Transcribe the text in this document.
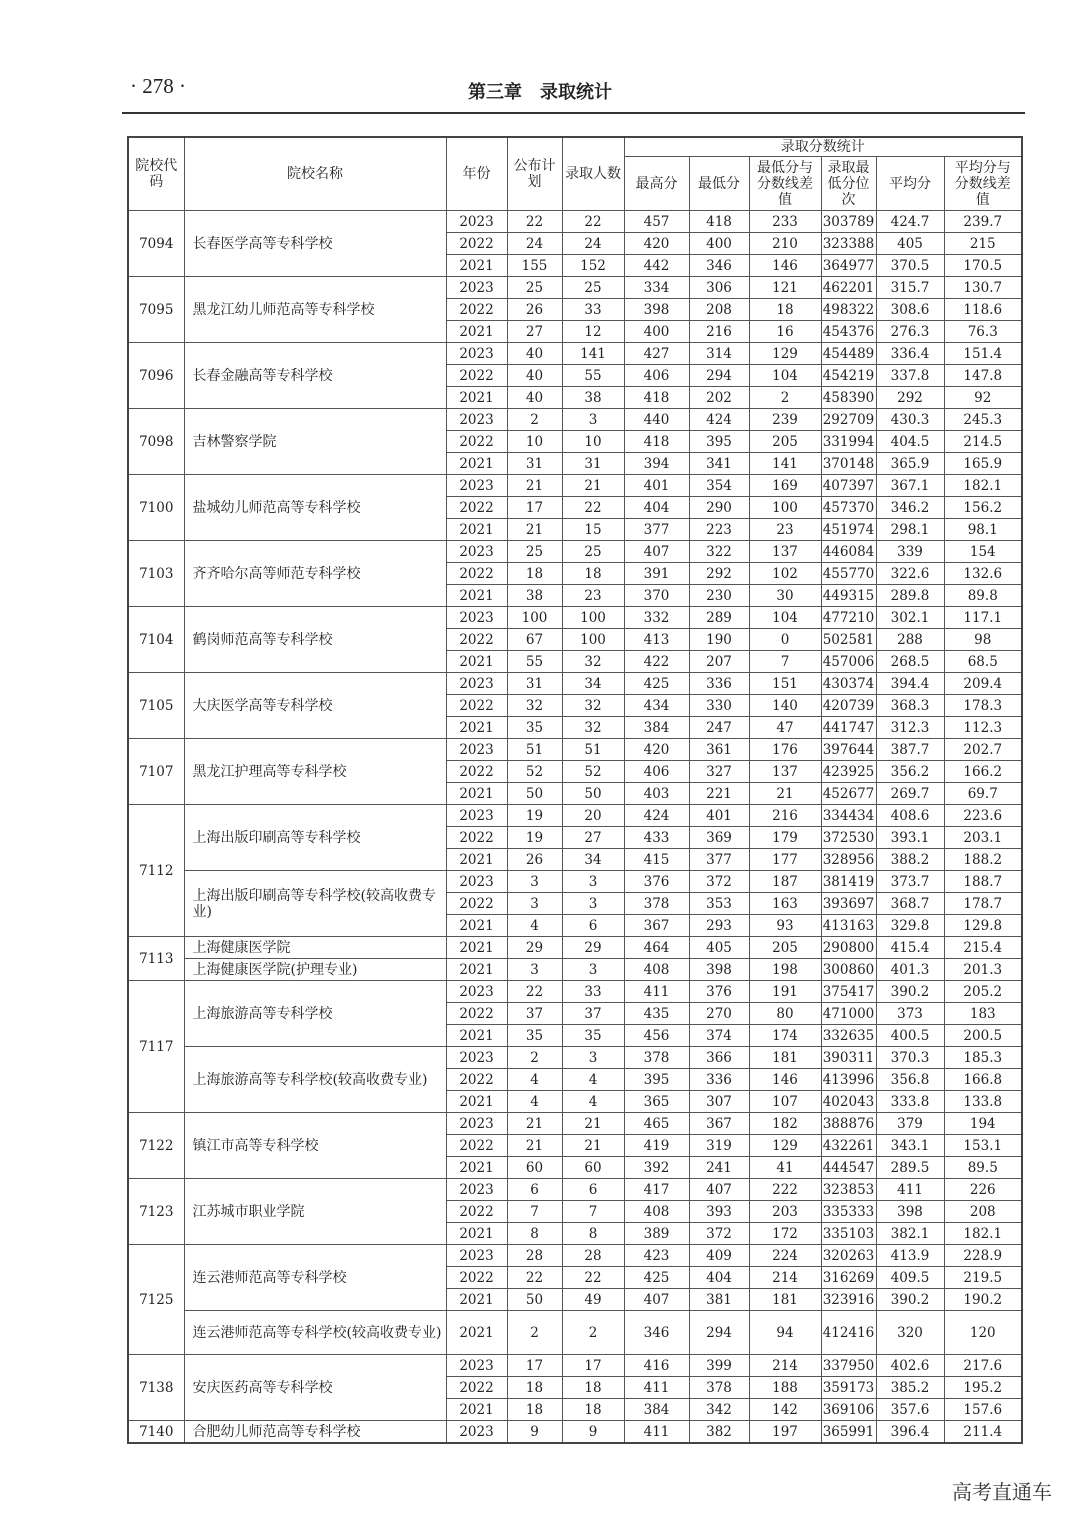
· 278 ·	第三章　录取统计
院校代码	院校名称	年份	公布计划	录取人数	录取分数统计					
					最高分	最低分	最低分与分数线差值	录取最低分位次	平均分	平均分与分数线差值
7094	长春医学高等专科学校	2023	22	22	457	418	233	303789	424.7	239.7
		2022	24	24	420	400	210	323388	405	215
		2021	155	152	442	346	146	364977	370.5	170.5
7095	黑龙江幼儿师范高等专科学校	2023	25	25	334	306	121	462201	315.7	130.7
		2022	26	33	398	208	18	498322	308.6	118.6
		2021	27	12	400	216	16	454376	276.3	76.3
7096	长春金融高等专科学校	2023	40	141	427	314	129	454489	336.4	151.4
		2022	40	55	406	294	104	454219	337.8	147.8
		2021	40	38	418	202	2	458390	292	92
7098	吉林警察学院	2023	2	3	440	424	239	292709	430.3	245.3
		2022	10	10	418	395	205	331994	404.5	214.5
		2021	31	31	394	341	141	370148	365.9	165.9
7100	盐城幼儿师范高等专科学校	2023	21	21	401	354	169	407397	367.1	182.1
		2022	17	22	404	290	100	457370	346.2	156.2
		2021	21	15	377	223	23	451974	298.1	98.1
7103	齐齐哈尔高等师范专科学校	2023	25	25	407	322	137	446084	339	154
		2022	18	18	391	292	102	455770	322.6	132.6
		2021	38	23	370	230	30	449315	289.8	89.8
7104	鹤岗师范高等专科学校	2023	100	100	332	289	104	477210	302.1	117.1
		2022	67	100	413	190	0	502581	288	98
		2021	55	32	422	207	7	457006	268.5	68.5
7105	大庆医学高等专科学校	2023	31	34	425	336	151	430374	394.4	209.4
		2022	32	32	434	330	140	420739	368.3	178.3
		2021	35	32	384	247	47	441747	312.3	112.3
7107	黑龙江护理高等专科学校	2023	51	51	420	361	176	397644	387.7	202.7
		2022	52	52	406	327	137	423925	356.2	166.2
		2021	50	50	403	221	21	452677	269.7	69.7
7112	上海出版印刷高等专科学校	2023	19	20	424	401	216	334434	408.6	223.6
		2022	19	27	433	369	179	372530	393.1	203.1
		2021	26	34	415	377	177	328956	388.2	188.2
	上海出版印刷高等专科学校(较高收费专业)	2023	3	3	376	372	187	381419	373.7	188.7
		2022	3	3	378	353	163	393697	368.7	178.7
		2021	4	6	367	293	93	413163	329.8	129.8
7113	上海健康医学院	2021	29	29	464	405	205	290800	415.4	215.4
	上海健康医学院(护理专业)	2021	3	3	408	398	198	300860	401.3	201.3
7117	上海旅游高等专科学校	2023	22	33	411	376	191	375417	390.2	205.2
		2022	37	37	435	270	80	471000	373	183
		2021	35	35	456	374	174	332635	400.5	200.5
	上海旅游高等专科学校(较高收费专业)	2023	2	3	378	366	181	390311	370.3	185.3
		2022	4	4	395	336	146	413996	356.8	166.8
		2021	4	4	365	307	107	402043	333.8	133.8
7122	镇江市高等专科学校	2023	21	21	465	367	182	388876	379	194
		2022	21	21	419	319	129	432261	343.1	153.1
		2021	60	60	392	241	41	444547	289.5	89.5
7123	江苏城市职业学院	2023	6	6	417	407	222	323853	411	226
		2022	7	7	408	393	203	335333	398	208
		2021	8	8	389	372	172	335103	382.1	182.1
7125	连云港师范高等专科学校	2023	28	28	423	409	224	320263	413.9	228.9
		2022	22	22	425	404	214	316269	409.5	219.5
		2021	50	49	407	381	181	323916	390.2	190.2
	连云港师范高等专科学校(较高收费专业)	2021	2	2	346	294	94	412416	320	120
7138	安庆医药高等专科学校	2023	17	17	416	399	214	337950	402.6	217.6
		2022	18	18	411	378	188	359173	385.2	195.2
		2021	18	18	384	342	142	369106	357.6	157.6
7140	合肥幼儿师范高等专科学校	2023	9	9	411	382	197	365991	396.4	211.4
高考直通车
